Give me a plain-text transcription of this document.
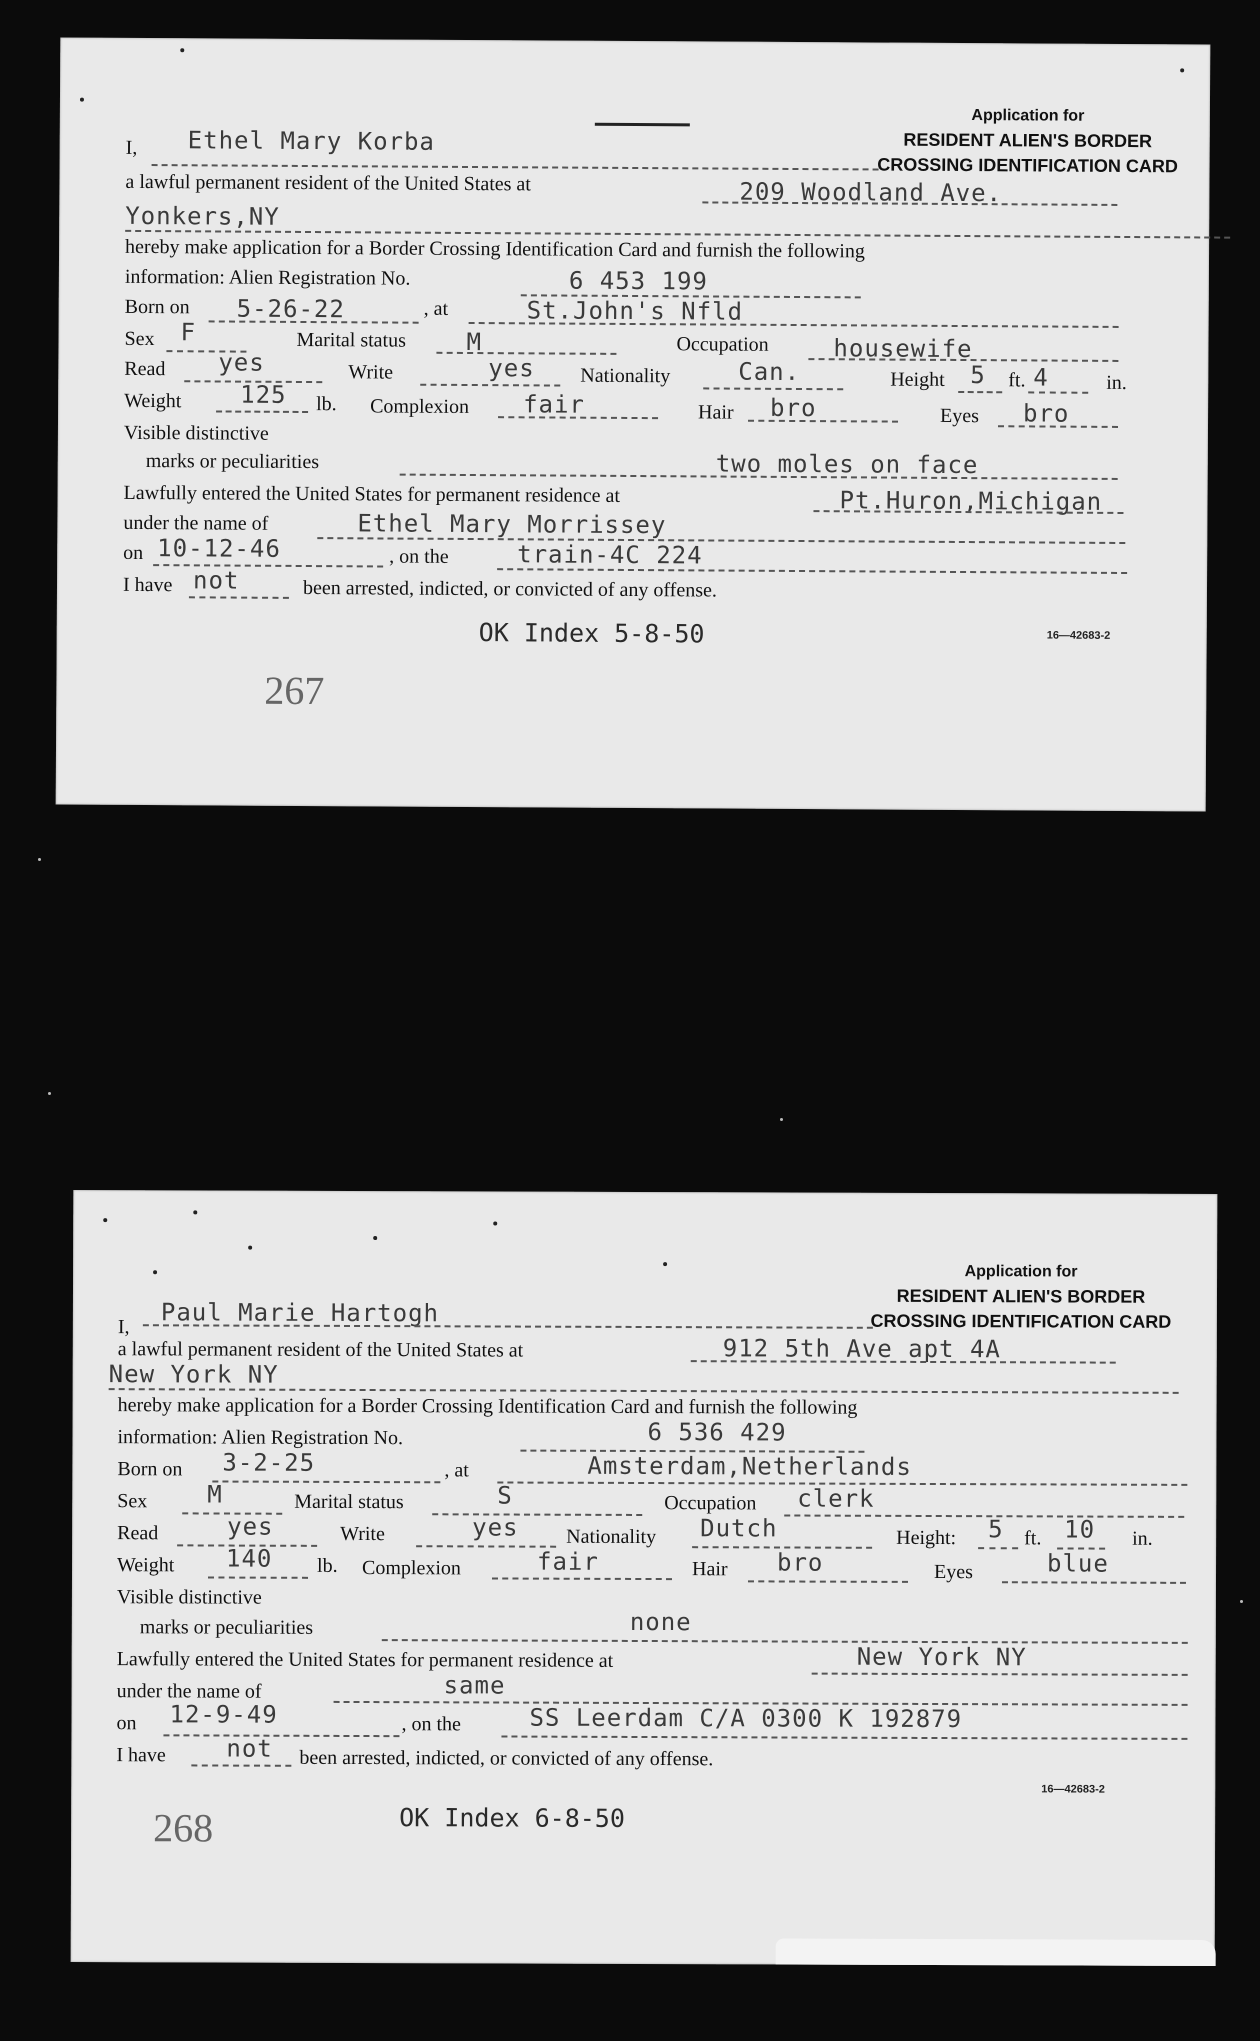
Application for
RESIDENT ALIEN'S BORDER
CROSSING IDENTIFICATION CARD
I, Ethel Mary Korba
a lawful permanent resident of the United States at	209 Woodland Ave.
Yonkers,NY
hereby make application for a Border Crossing Identification Card and furnish the following
information: Alien Registration No.	6 453 199
Born on 5-26-22	, at	St.John's Nfld
Sex F	Marital status	M	Occupation	housewife
Read yes	Write	yes Nationality	Can.	Height 5 ft. 4	in.
Weight 125 lb. Complexion fair	Hair bro	Eyes bro
Visible distinctive
marks or peculiarities	two moles on face
Lawfully entered the United States for permanent residence at	Pt.Huron,Michigan
under the name of	Ethel Mary Morrissey
on 10-12-46	, on the	train-4C 224
I have not	been arrested, indicted, or convicted of any offense.
OK Index 5-8-50	16—42683-2
267
Application for
RESIDENT ALIEN'S BORDER
CROSSING IDENTIFICATION CARD
I, Paul Marie Hartogh
a lawful permanent resident of the United States at	912 5th Ave apt 4A
New York NY
hereby make application for a Border Crossing Identification Card and furnish the following
information: Alien Registration No.	6 536 429
Born on 3-2-25	, at	Amsterdam,Netherlands
Sex M	Marital status	S	Occupation clerk
Read	yes	Write	yes Nationality Dutch	Height: 5 ft. 10 in.
Weight 140 lb. Complexion	fair	Hair bro	Eyes	blue
Visible distinctive
marks or peculiarities	none
Lawfully entered the United States for permanent residence at	New York NY
under the name of	same
on 12-9-49	, on the	SS Leerdam C/A 0300 K 192879
I have	not been arrested, indicted, or convicted of any offense.
16—42683-2
268	OK Index 6-8-50
